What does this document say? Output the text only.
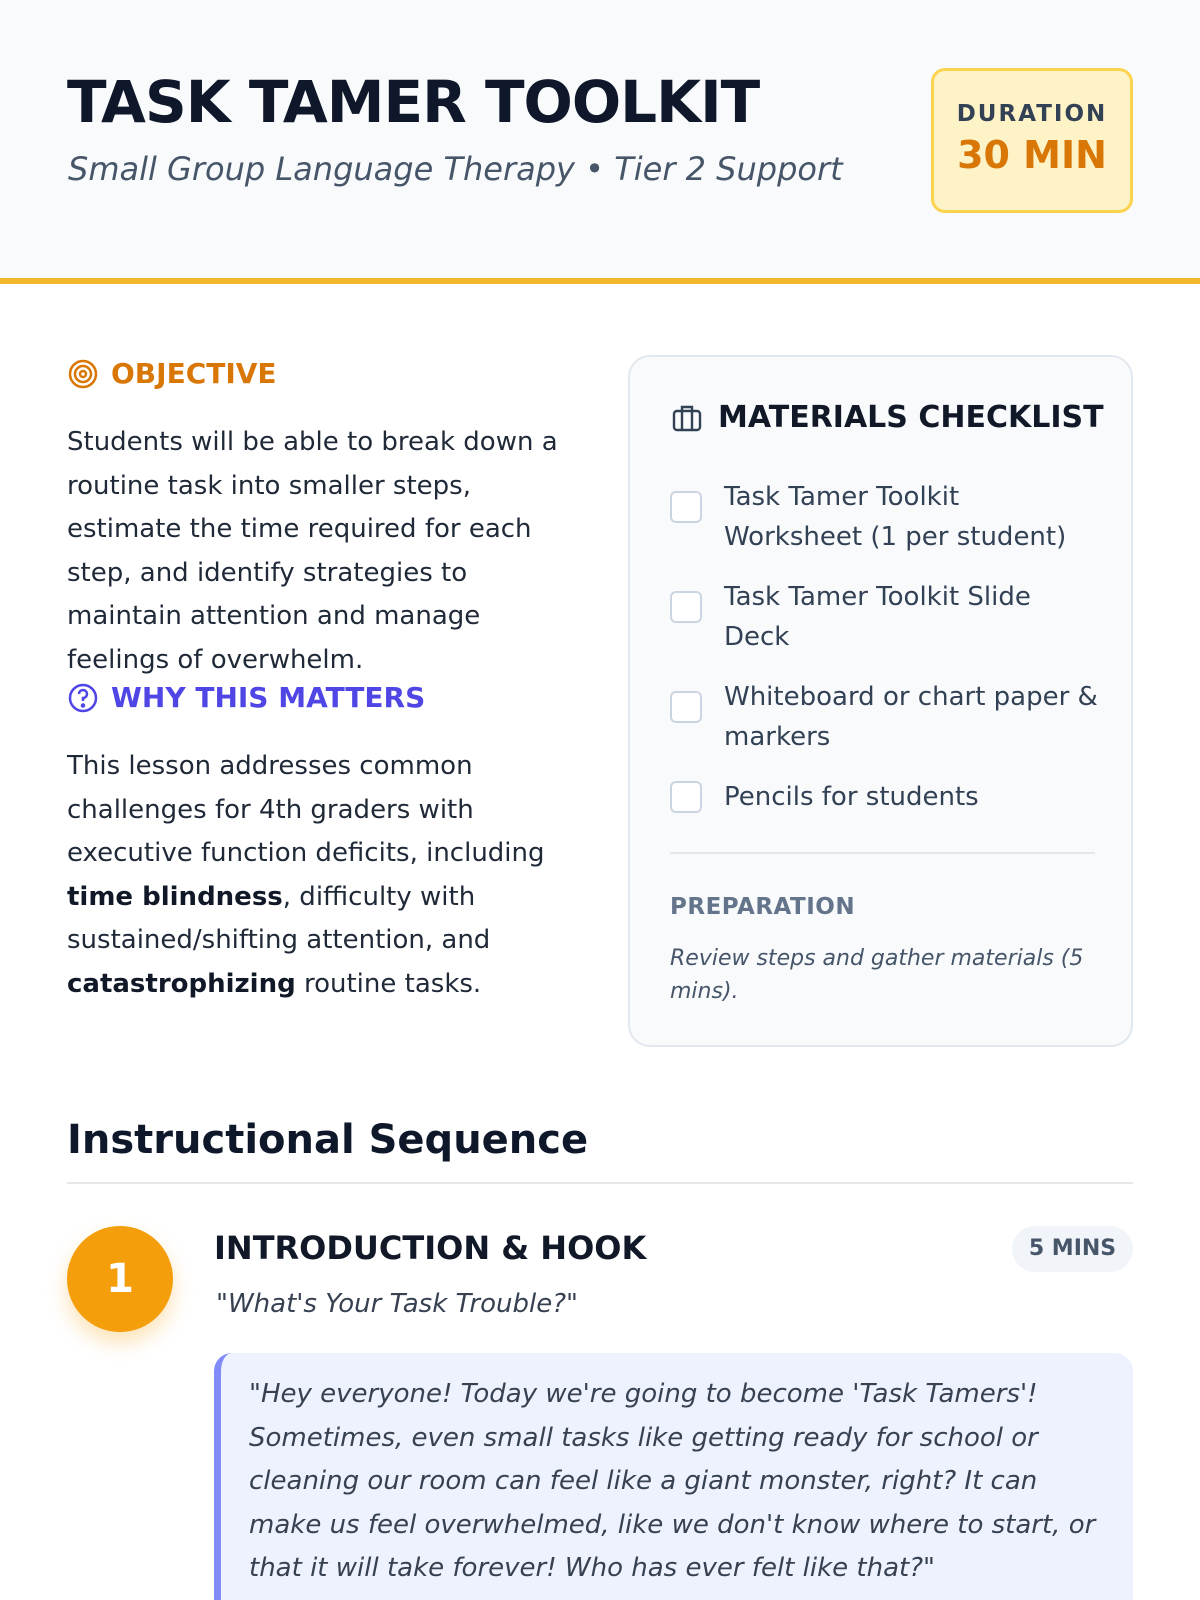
TASK TAMER TOOLKIT
Small Group Language Therapy • Tier 2 Support
DURATION
30 MIN
OBJECTIVE

Students will be able to break down a routine task into smaller steps, estimate the time required for each step, and identify strategies to maintain attention and manage feelings of overwhelm.

WHY THIS MATTERS

This lesson addresses common challenges for 4th graders with executive function deficits, including time blindness, difficulty with sustained/shifting attention, and catastrophizing routine tasks.

MATERIALS CHECKLIST
Task Tamer Toolkit Worksheet (1 per student)
Task Tamer Toolkit Slide Deck
Whiteboard or chart paper & markers
Pencils for students
PREPARATION
Review steps and gather materials (5 mins).
Instructional Sequence
1
INTRODUCTION & HOOK	5 MINS
"What's Your Task Trouble?"
"Hey everyone! Today we're going to become 'Task Tamers'! Sometimes, even small tasks like getting ready for school or cleaning our room can feel like a giant monster, right? It can make us feel overwhelmed, like we don't know where to start, or that it will take forever! Who has ever felt like that?"
